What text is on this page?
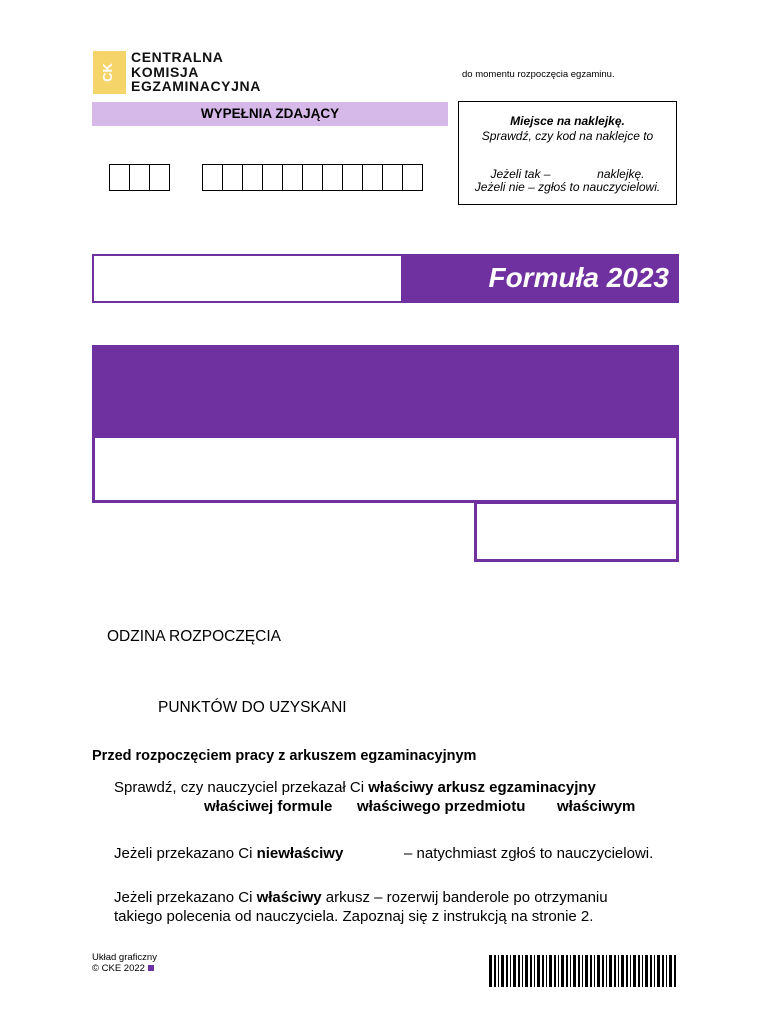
CK
CENTRALNA
KOMISJA
EGZAMINACYJNA
do momentu rozpoczęcia egzaminu.
WYPEŁNIA ZDAJĄCY	Miejsce na naklejkę.
Sprawdź, czy kod na naklejce to
Jeżeli tak –              naklejkę.
Jeżeli nie – zgłoś to nauczycielowi.
Formuła 2023
ODZINA ROZPOCZĘCIA
PUNKTÓW DO UZYSKANI
Przed rozpoczęciem pracy z arkuszem egzaminacyjnym
Sprawdź, czy nauczyciel przekazał Ci właściwy arkusz egzaminacyjny
właściwej formule właściwego przedmiotu właściwym
Jeżeli przekazano Ci niewłaściwy	– natychmiast zgłoś to nauczycielowi.
Jeżeli przekazano Ci właściwy arkusz – rozerwij banderole po otrzymaniu
takiego polecenia od nauczyciela. Zapoznaj się z instrukcją na stronie 2.
Układ graficzny
© CKE 2022
